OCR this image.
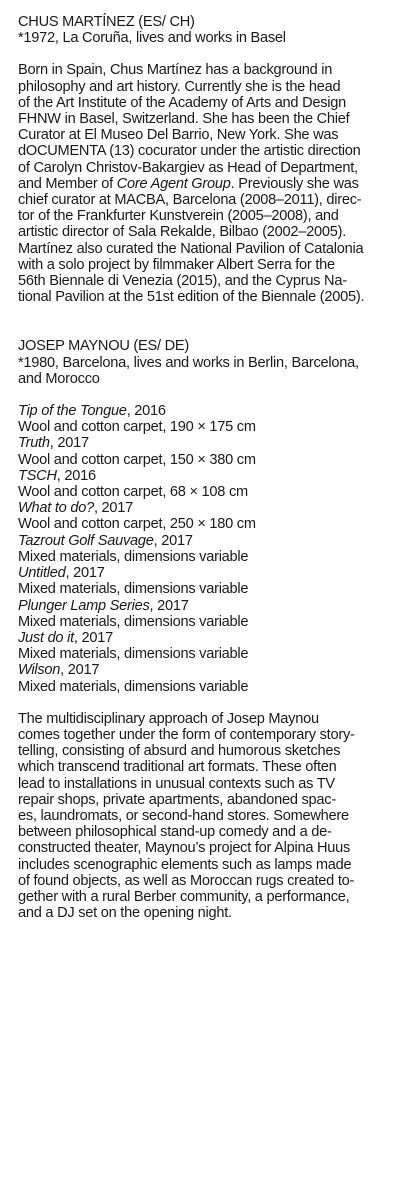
CHUS MARTÍNEZ (ES/ CH)
*1972, La Coruña, lives and works in Basel
Born in Spain, Chus Martínez has a background in
philosophy and art history. Currently she is the head
of the Art Institute of the Academy of Arts and Design
FHNW in Basel, Switzerland. She has been the Chief
Curator at El Museo Del Barrio, New York. She was
dOCUMENTA (13) cocurator under the artistic direction
of Carolyn Christov-Bakargiev as Head of Department,
and Member of Core Agent Group. Previously she was
chief curator at MACBA, Barcelona (2008–2011), direc-
tor of the Frankfurter Kunstverein (2005–2008), and
artistic director of Sala Rekalde, Bilbao (2002–2005).
Martínez also curated the National Pavilion of Catalonia
with a solo project by filmmaker Albert Serra for the
56th Biennale di Venezia (2015), and the Cyprus Na-
tional Pavilion at the 51st edition of the Biennale (2005).
JOSEP MAYNOU (ES/ DE)
*1980, Barcelona, lives and works in Berlin, Barcelona,
and Morocco
Tip of the Tongue, 2016
Wool and cotton carpet, 190 × 175 cm
Truth, 2017
Wool and cotton carpet, 150 × 380 cm
TSCH, 2016
Wool and cotton carpet, 68 × 108 cm
What to do?, 2017
Wool and cotton carpet, 250 × 180 cm
Tazrout Golf Sauvage, 2017
Mixed materials, dimensions variable
Untitled, 2017
Mixed materials, dimensions variable
Plunger Lamp Series, 2017
Mixed materials, dimensions variable
Just do it, 2017
Mixed materials, dimensions variable
Wilson, 2017
Mixed materials, dimensions variable
The multidisciplinary approach of Josep Maynou
comes together under the form of contemporary story-
telling, consisting of absurd and humorous sketches
which transcend traditional art formats. These often
lead to installations in unusual contexts such as TV
repair shops, private apartments, abandoned spac-
es, laundromats, or second-hand stores. Somewhere
between philosophical stand-up comedy and a de-
constructed theater, Maynou’s project for Alpina Huus
includes scenographic elements such as lamps made
of found objects, as well as Moroccan rugs created to-
gether with a rural Berber community, a performance,
and a DJ set on the opening night.
